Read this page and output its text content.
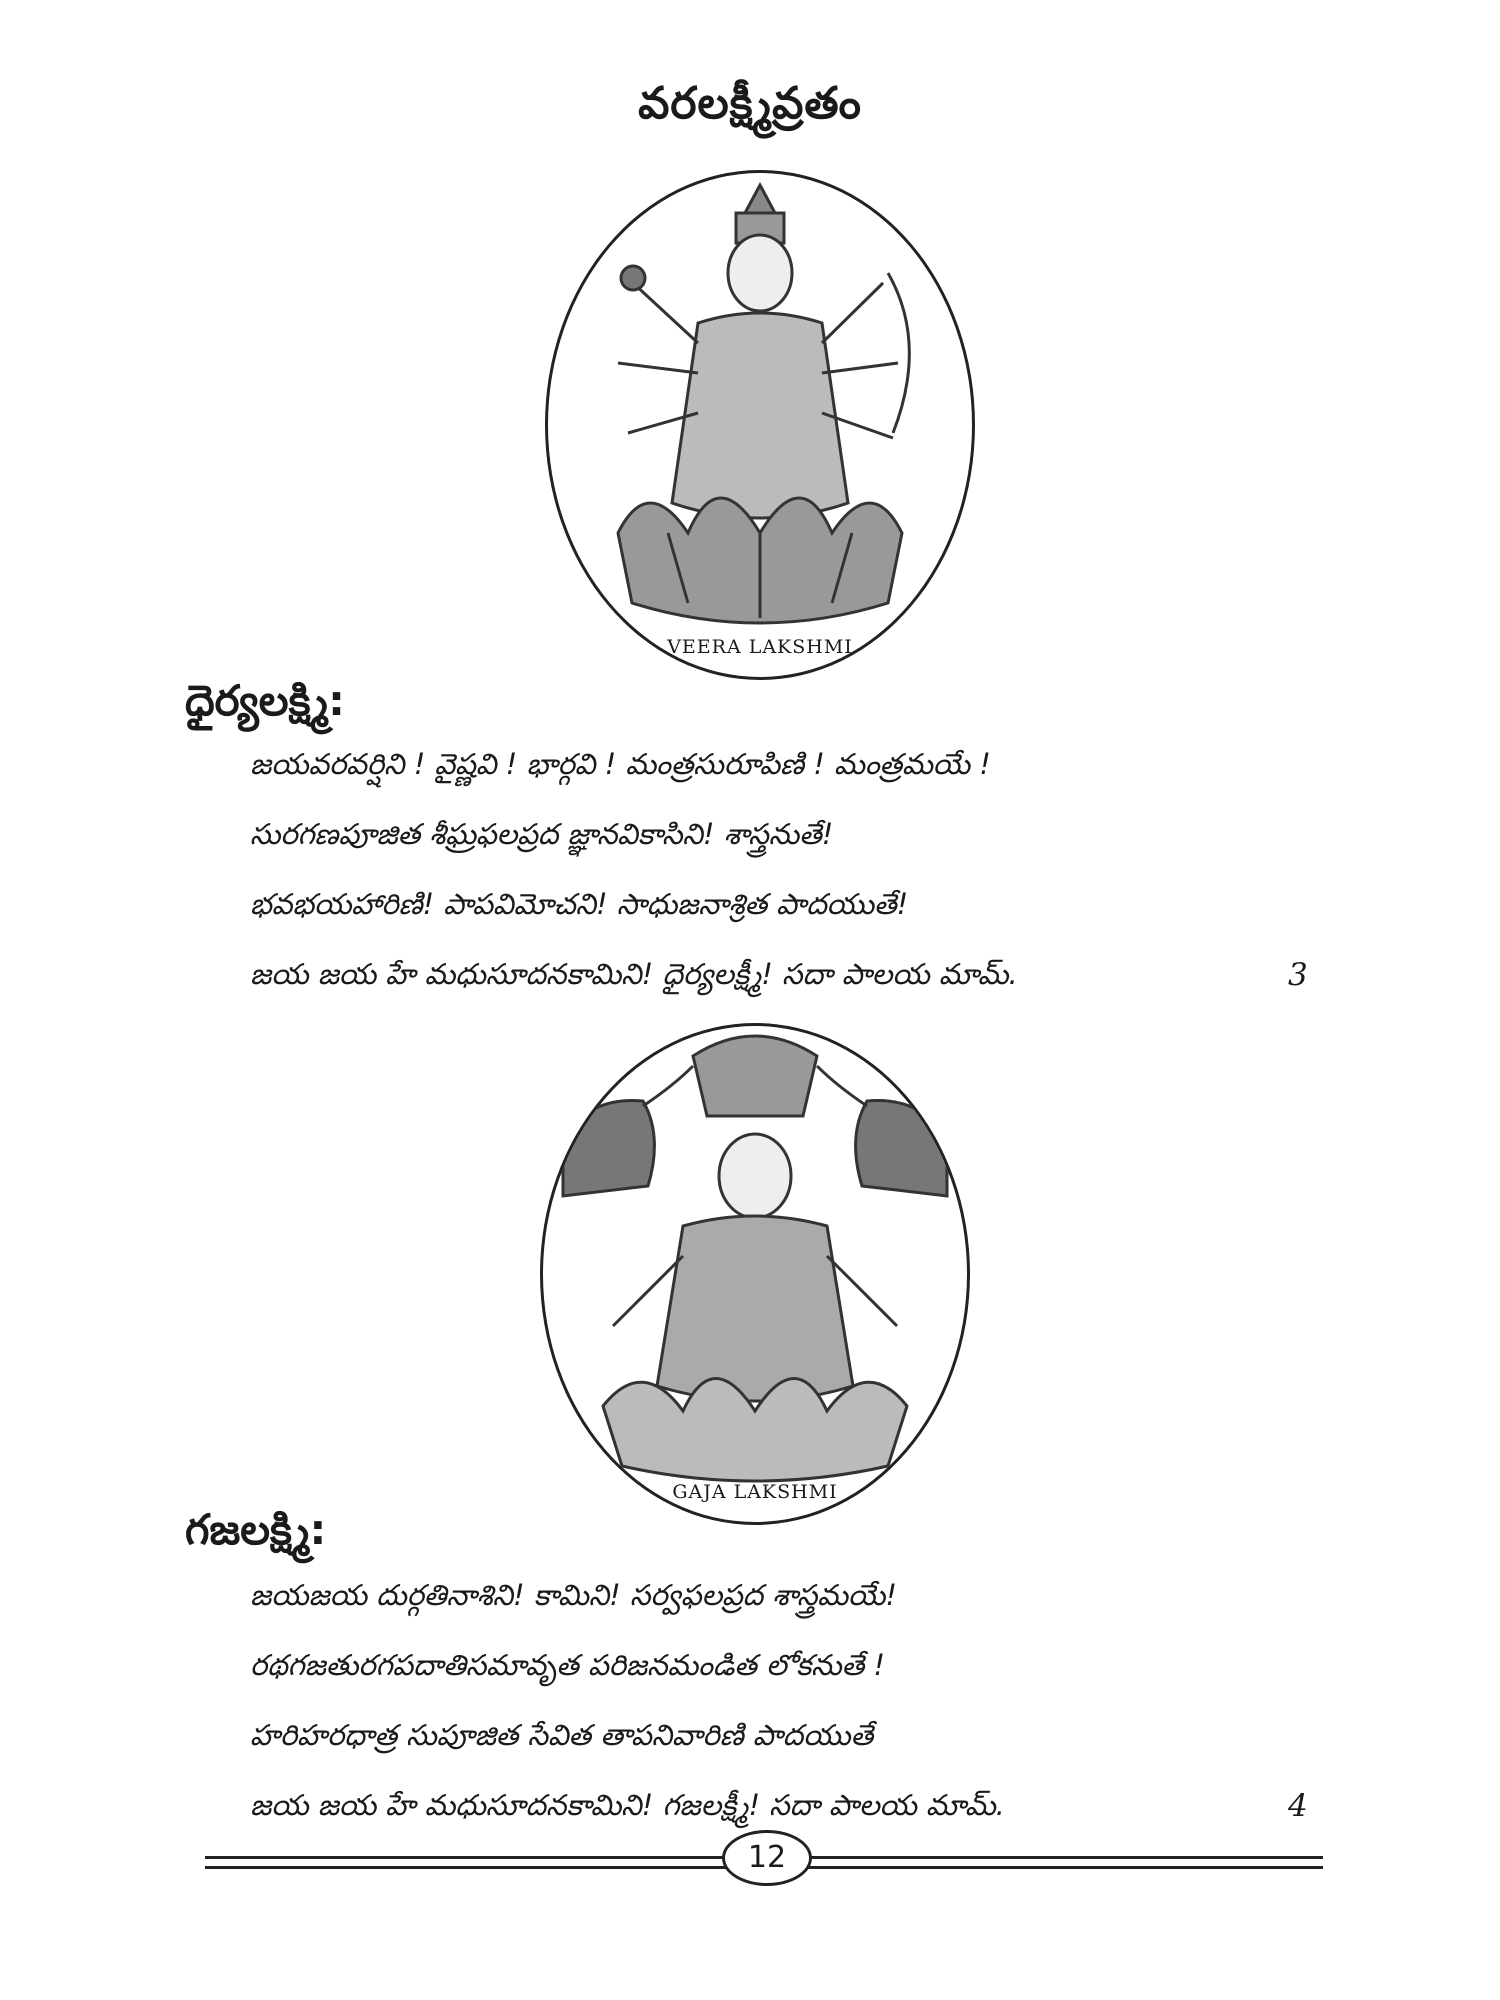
వరలక్ష్మీవ్రతం
VEERA LAKSHMI
ధైర్యలక్ష్మి:
జయవరవర్షిని ! వైష్ణవి ! భార్గవి ! మంత్రసురూపిణి ! మంత్రమయే !
సురగణపూజిత శీఘ్రఫలప్రద జ్ఞానవికాసిని! శాస్త్రనుతే!
భవభయహారిణి! పాపవిమోచని! సాధుజనాశ్రిత పాదయుతే!
జయ జయ హే మధుసూదనకామిని! ధైర్యలక్ష్మీ! సదా పాలయ మామ్.	3
GAJA LAKSHMI
గజలక్ష్మి:
జయజయ దుర్గతినాశిని! కామిని! సర్వఫలప్రద శాస్త్రమయే!
రథగజతురగపదాతిసమావృత పరిజనమండిత లోకనుతే !
హరిహరధాత్ర సుపూజిత సేవిత తాపనివారిణి పాదయుతే
జయ జయ హే మధుసూదనకామిని! గజలక్ష్మీ! సదా పాలయ మామ్.	4
12
